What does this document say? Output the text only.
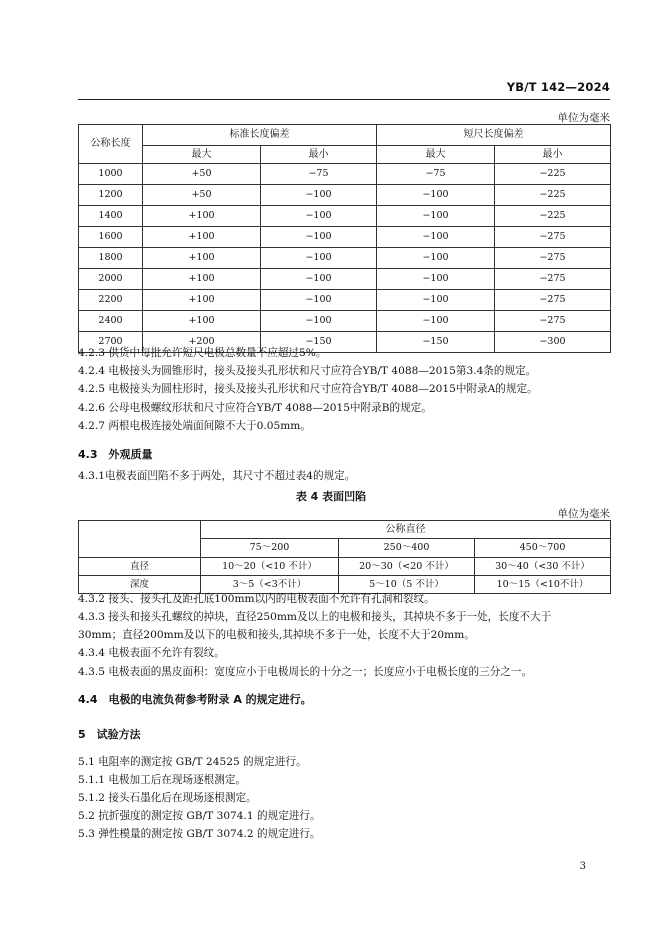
YB/T 142—2024
单位为毫米
公称长度	标准长度偏差		短尺长度偏差	
	最大	最小	最大	最小
1000	+50	−75	−75	−225
1200	+50	−100	−100	−225
1400	+100	−100	−100	−225
1600	+100	−100	−100	−275
1800	+100	−100	−100	−275
2000	+100	−100	−100	−275
2200	+100	−100	−100	−275
2400	+100	−100	−100	−275
2700	+200	−150	−150	−300
4.2.3 供货中每批允许短尺电极总数量不应超过5%。
4.2.4 电极接头为圆锥形时，接头及接头孔形状和尺寸应符合YB/T 4088—2015第3.4条的规定。
4.2.5 电极接头为圆柱形时，接头及接头孔形状和尺寸应符合YB/T 4088—2015中附录A的规定。
4.2.6 公母电极螺纹形状和尺寸应符合YB/T 4088—2015中附录B的规定。
4.2.7 两根电极连接处端面间隙不大于0.05mm。
4.3　外观质量
4.3.1电极表面凹陷不多于两处，其尺寸不超过表4的规定。
表 4 表面凹陷
单位为毫米
	公称直径		
	75～200	250～400	450～700
直径	10～20（<10 不计）	20～30（<20 不计）	30～40（<30 不计）
深度	3～5（<3不计）	5～10（5 不计）	10～15（<10不计）
4.3.2 接头、接头孔及距孔底100mm以内的电极表面不允许有孔洞和裂纹。
4.3.3 接头和接头孔螺纹的掉块，直径250mm及以上的电极和接头，其掉块不多于一处，长度不大于
30mm；直径200mm及以下的电极和接头,其掉块不多于一处，长度不大于20mm。
4.3.4 电极表面不允许有裂纹。
4.3.5 电极表面的黑皮面积：宽度应小于电极周长的十分之一；长度应小于电极长度的三分之一。
4.4　电极的电流负荷参考附录 A 的规定进行。
5　试验方法
5.1 电阻率的测定按 GB/T 24525 的规定进行。
5.1.1 电极加工后在现场逐根测定。
5.1.2 接头石墨化后在现场逐根测定。
5.2 抗折强度的测定按 GB/T 3074.1 的规定进行。
5.3 弹性模量的测定按 GB/T 3074.2 的规定进行。
3
